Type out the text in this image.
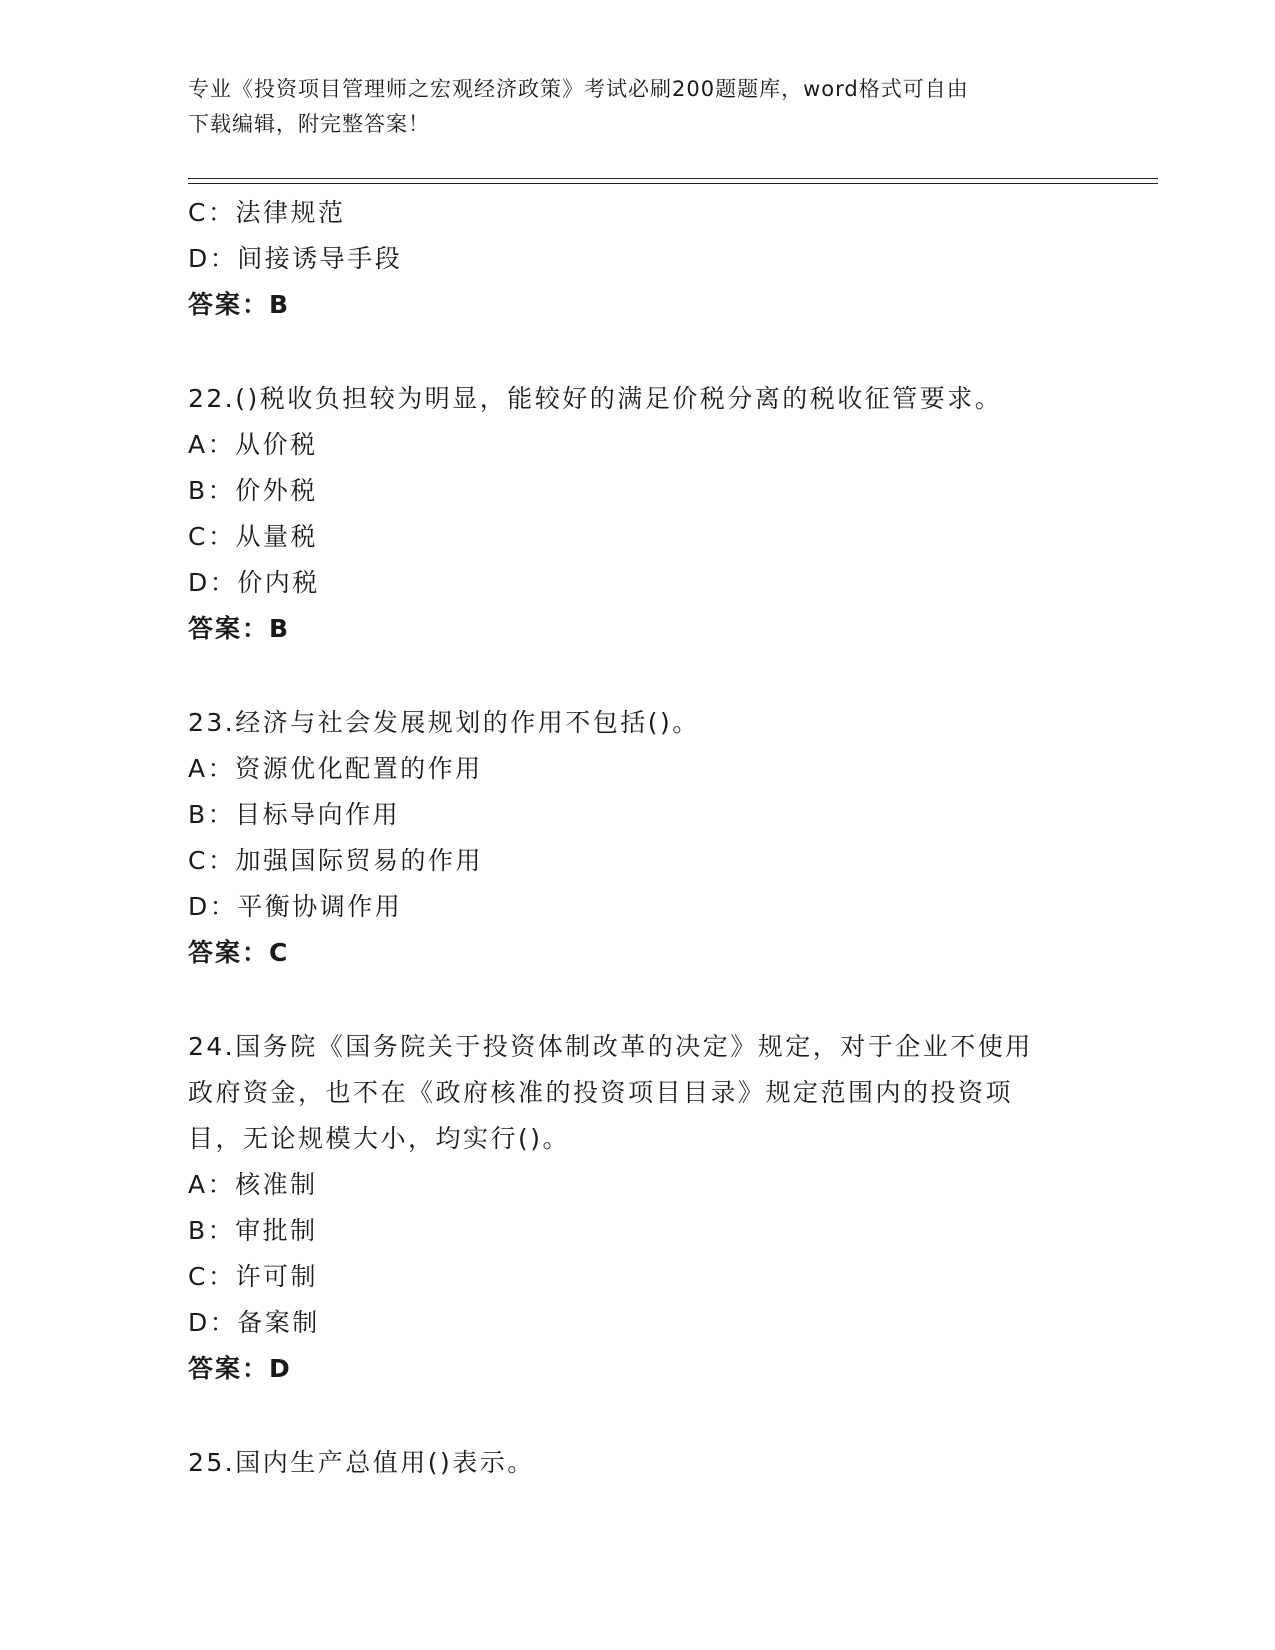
专业《投资项目管理师之宏观经济政策》考试必刷200题题库，word格式可自由
下载编辑，附完整答案！
C：法律规范
D：间接诱导手段
答案：B
22.()税收负担较为明显，能较好的满足价税分离的税收征管要求。
A：从价税
B：价外税
C：从量税
D：价内税
答案：B
23.经济与社会发展规划的作用不包括()。
A：资源优化配置的作用
B：目标导向作用
C：加强国际贸易的作用
D：平衡协调作用
答案：C
24.国务院《国务院关于投资体制改革的决定》规定，对于企业不使用
政府资金，也不在《政府核准的投资项目目录》规定范围内的投资项
目，无论规模大小，均实行()。
A：核准制
B：审批制
C：许可制
D：备案制
答案：D
25.国内生产总值用()表示。
